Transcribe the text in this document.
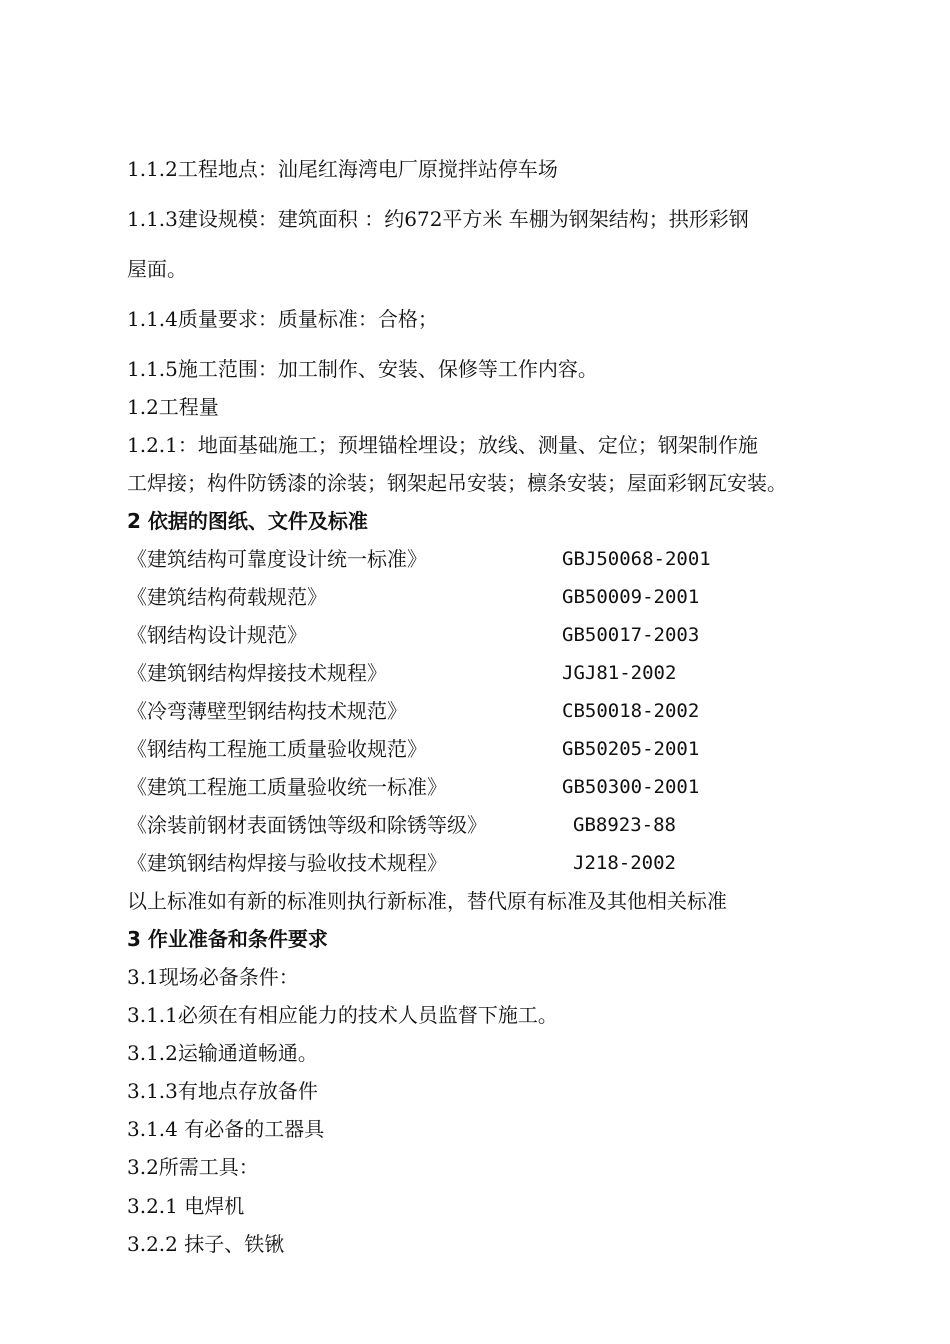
1.1.2工程地点：汕尾红海湾电厂原搅拌站停车场
1.1.3建设规模：建筑面积 ：约672平方米 车棚为钢架结构；拱形彩钢
屋面。
1.1.4质量要求：质量标准：合格；
1.1.5施工范围：加工制作、安装、保修等工作内容。
1.2工程量
1.2.1：地面基础施工；预埋锚栓埋设；放线、测量、定位；钢架制作施
工焊接；构件防锈漆的涂装；钢架起吊安装；檩条安装；屋面彩钢瓦安装。
2 依据的图纸、文件及标准
《建筑结构可靠度设计统一标准》	GBJ50068-2001
《建筑结构荷载规范》	GB50009-2001
《钢结构设计规范》	GB50017-2003
《建筑钢结构焊接技术规程》	JGJ81-2002
《冷弯薄壁型钢结构技术规范》	CB50018-2002
《钢结构工程施工质量验收规范》	GB50205-2001
《建筑工程施工质量验收统一标准》	GB50300-2001
《涂装前钢材表面锈蚀等级和除锈等级》	GB8923-88
《建筑钢结构焊接与验收技术规程》	J218-2002
以上标准如有新的标准则执行新标准，替代原有标准及其他相关标准
3 作业准备和条件要求
3.1现场必备条件：
3.1.1必须在有相应能力的技术人员监督下施工。
3.1.2运输通道畅通。
3.1.3有地点存放备件
3.1.4 有必备的工器具
3.2所需工具：
3.2.1 电焊机
3.2.2 抹子、铁锹
